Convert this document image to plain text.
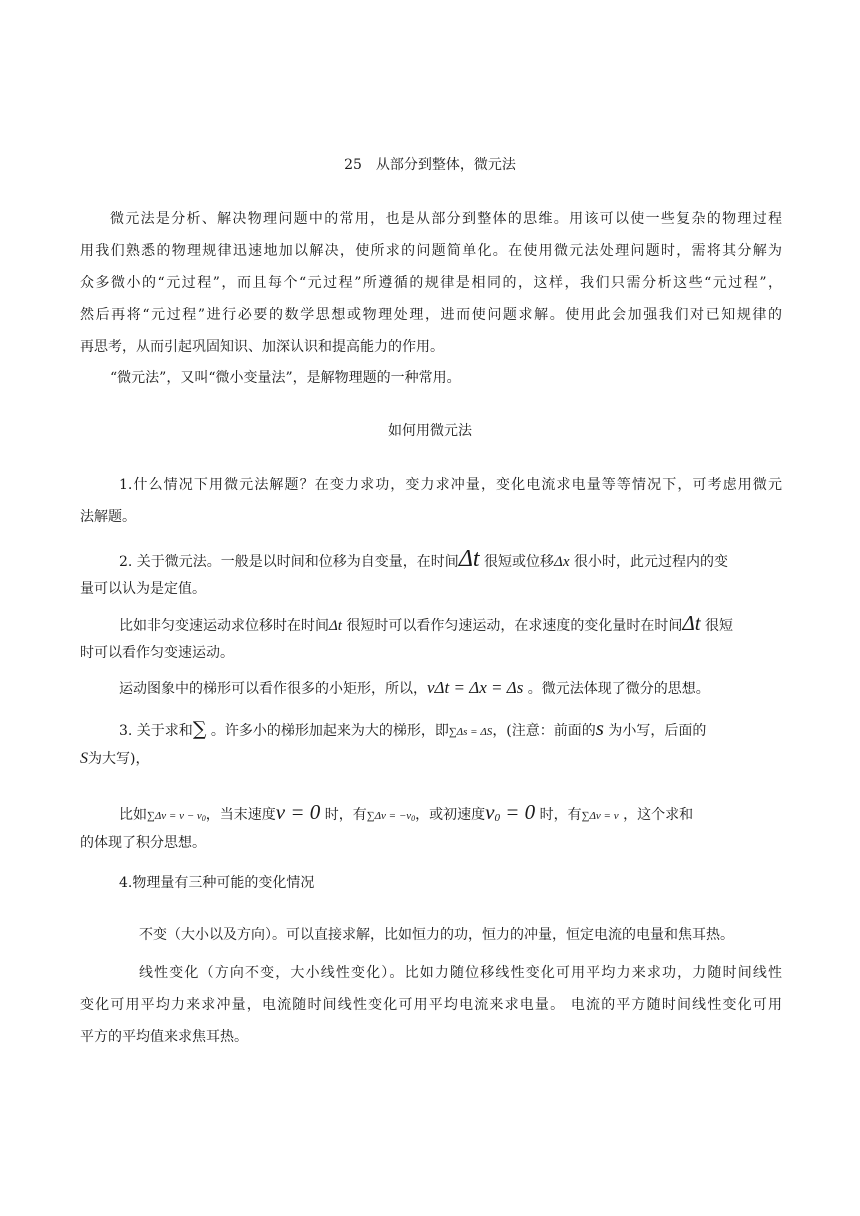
25　从部分到整体，微元法
微元法是分析、解决物理问题中的常用，也是从部分到整体的思维。用该可以使一些复杂的物理过程
用我们熟悉的物理规律迅速地加以解决，使所求的问题简单化。在使用微元法处理问题时，需将其分解为
众多微小的“元过程”，而且每个“元过程”所遵循的规律是相同的，这样，我们只需分析这些“元过程”，
然后再将“元过程”进行必要的数学思想或物理处理，进而使问题求解。使用此会加强我们对已知规律的
再思考，从而引起巩固知识、加深认识和提高能力的作用。
“微元法”，又叫“微小变量法”，是解物理题的一种常用。
如何用微元法
1.什么情况下用微元法解题？在变力求功，变力求冲量，变化电流求电量等等情况下，可考虑用微元
法解题。
2. 关于微元法。一般是以时间和位移为自变量，在时间Δt 很短或位移Δx 很小时，此元过程内的变
量可以认为是定值。
比如非匀变速运动求位移时在时间Δt 很短时可以看作匀速运动，在求速度的变化量时在时间Δt 很短
时可以看作匀变速运动。
运动图象中的梯形可以看作很多的小矩形，所以，vΔt = Δx = Δs 。微元法体现了微分的思想。
3. 关于求和∑ 。许多小的梯形加起来为大的梯形，即∑Δs = ΔS，(注意：前面的s 为小写，后面的
S为大写)，
比如$\sum\Delta v = v - v_0$，当末速度v = 0 时，有$\sum\Delta v = -v_0$，或初速度$v_0 = 0$ 时，有∑Δv = v ，这个求和
的体现了积分思想。
4.物理量有三种可能的变化情况
不变（大小以及方向）。可以直接求解，比如恒力的功，恒力的冲量，恒定电流的电量和焦耳热。
线性变化（方向不变，大小线性变化）。比如力随位移线性变化可用平均力来求功，力随时间线性
变化可用平均力来求冲量，电流随时间线性变化可用平均电流来求电量。 电流的平方随时间线性变化可用
平方的平均值来求焦耳热。
